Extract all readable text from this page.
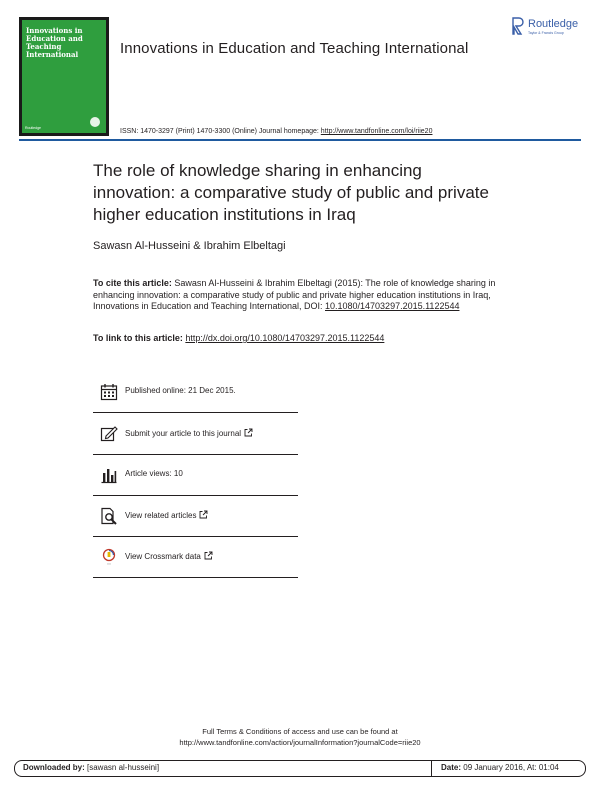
Innovations in Education and Teaching International
Routledge
Innovations in Education and Teaching International
Routledge
Taylor & Francis Group
ISSN: 1470-3297 (Print) 1470-3300 (Online) Journal homepage: http://www.tandfonline.com/loi/riie20
The role of knowledge sharing in enhancing innovation: a comparative study of public and private higher education institutions in Iraq
Sawasn Al-Husseini & Ibrahim Elbeltagi
To cite this article: Sawasn Al-Husseini & Ibrahim Elbeltagi (2015): The role of knowledge sharing in enhancing innovation: a comparative study of public and private higher education institutions in Iraq, Innovations in Education and Teaching International, DOI: 10.1080/14703297.2015.1122544
To link to this article: http://dx.doi.org/10.1080/14703297.2015.1122544
Published online: 21 Dec 2015.
Submit your article to this journal
Article views: 10
View related articles
ꞏꞏꞏꞏ
View Crossmark data
Full Terms & Conditions of access and use can be found at
http://www.tandfonline.com/action/journalInformation?journalCode=riie20
Downloaded by: [sawasn al-husseini]	Date: 09 January 2016, At: 01:04
